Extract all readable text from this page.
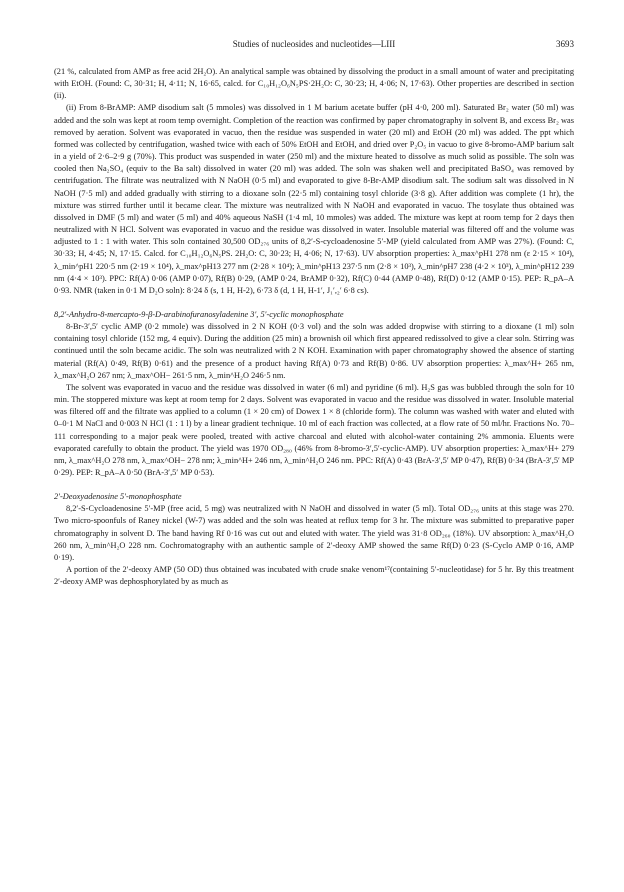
Studies of nucleosides and nucleotides—LIII	3693

(21 %, calculated from AMP as free acid 2H₂O). An analytical sample was obtained by dissolving the product in a small amount of water and precipitating with EtOH. (Found: C, 30·31; H, 4·11; N, 16·65, calcd. for C₁₀H₁₂O₆N₅PS·2H₂O: C, 30·23; H, 4·06; N, 17·63). Other properties are described in section (ii).

(ii) From 8-BrAMP: AMP disodium salt (5 mmoles) was dissolved in 1 M barium acetate buffer (pH 4·0, 200 ml). Saturated Br₂ water (50 ml) was added and the soln was kept at room temp overnight. Completion of the reaction was confirmed by paper chromatography in solvent B, and excess Br₂ was removed by aeration. Solvent was evaporated in vacuo, then the residue was suspended in water (20 ml) and EtOH (20 ml) was added. The ppt which formed was collected by centrifugation, washed twice with each of 50% EtOH and EtOH, and dried over P₂O₅ in vacuo to give 8-bromo-AMP barium salt in a yield of 2·6–2·9 g (70%). This product was suspended in water (250 ml) and the mixture heated to dissolve as much solid as possible. The soln was cooled then Na₂SO₄ (equiv to the Ba salt) dissolved in water (20 ml) was added. The soln was shaken well and precipitated BaSO₄ was removed by centrifugation. The filtrate was neutralized with N NaOH (0·5 ml) and evaporated to give 8-Br-AMP disodium salt. The sodium salt was dissolved in N NaOH (7·5 ml) and added gradually with stirring to a dioxane soln (22·5 ml) containing tosyl chloride (3·8 g). After addition was complete (1 hr), the mixture was stirred further until it became clear. The mixture was neutralized with N NaOH and evaporated in vacuo. The tosylate thus obtained was dissolved in DMF (5 ml) and water (5 ml) and 40% aqueous NaSH (1·4 ml, 10 mmoles) was added. The mixture was kept at room temp for 2 days then neutralized with N HCl. Solvent was evaporated in vacuo and the residue was dissolved in water. Insoluble material was filtered off and the volume was adjusted to 1 : 1 with water. This soln contained 30,500 OD₂₇₆ units of 8,2′-S-cycloadenosine 5′-MP (yield calculated from AMP was 27%). (Found: C, 30·33; H, 4·45; N, 17·15. Calcd. for C₁₀H₁₂O₆N₅PS. 2H₂O: C, 30·23; H, 4·06; N, 17·63). UV absorption properties: λ_max^pH1 278 nm (ε 2·15 × 10⁴), λ_min^pH1 220·5 nm (2·19 × 10⁴), λ_max^pH13 277 nm (2·28 × 10⁴); λ_min^pH13 237·5 nm (2·8 × 10³), λ_min^pH7 238 (4·2 × 10³), λ_min^pH12 239 nm (4·4 × 10³). PPC: Rf(A) 0·06 (AMP 0·07), Rf(B) 0·29, (AMP 0·24, BrAMP 0·32), Rf(C) 0·44 (AMP 0·48), Rf(D) 0·12 (AMP 0·15). PEP: R_pA–A 0·93. NMR (taken in 0·1 M D₂O soln): 8·24 δ (s, 1 H, H-2), 6·73 δ (d, 1 H, H-1′, J₁′,₂′ 6·8 cs).

8,2′-Anhydro-8-mercapto-9-β-D-arabinofuranosyladenine 3′, 5′-cyclic monophosphate

8-Br-3′,5′ cyclic AMP (0·2 mmole) was dissolved in 2 N KOH (0·3 vol) and the soln was added dropwise with stirring to a dioxane (1 ml) soln containing tosyl chloride (152 mg, 4 equiv). During the addition (25 min) a brownish oil which first appeared redissolved to give a clear soln. Stirring was continued until the soln became acidic. The soln was neutralized with 2 N KOH. Examination with paper chromatography showed the absence of starting material (Rf(A) 0·49, Rf(B) 0·61) and the presence of a product having Rf(A) 0·73 and Rf(B) 0·86. UV absorption properties: λ_max^H+ 265 nm, λ_max^H₂O 267 nm; λ_max^OH− 261·5 nm, λ_min^H₂O 246·5 nm.

The solvent was evaporated in vacuo and the residue was dissolved in water (6 ml) and pyridine (6 ml). H₂S gas was bubbled through the soln for 10 min. The stoppered mixture was kept at room temp for 2 days. Solvent was evaporated in vacuo and the residue was dissolved in water. Insoluble material was filtered off and the filtrate was applied to a column (1 × 20 cm) of Dowex 1 × 8 (chloride form). The column was washed with water and eluted with 0–0·1 M NaCl and 0·003 N HCl (1 : 1 l) by a linear gradient technique. 10 ml of each fraction was collected, at a flow rate of 50 ml/hr. Fractions No. 70–111 corresponding to a major peak were pooled, treated with active charcoal and eluted with alcohol-water containing 2% ammonia. Eluents were evaporated carefully to obtain the product. The yield was 1970 OD₂₈₀ (46% from 8-bromo-3′,5′-cyclic-AMP). UV absorption properties: λ_max^H+ 279 nm, λ_max^H₂O 278 nm, λ_max^OH− 278 nm; λ_min^H+ 246 nm, λ_min^H₂O 246 nm. PPC: Rf(A) 0·43 (BrA-3′,5′ MP 0·47), Rf(B) 0·34 (BrA-3′,5′ MP 0·29). PEP: R_pA–A 0·50 (BrA-3′,5′ MP 0·53).

2′-Deoxyadenosine 5′-monophosphate

8,2′-S-Cycloadenosine 5′-MP (free acid, 5 mg) was neutralized with N NaOH and dissolved in water (5 ml). Total OD₂₇₆ units at this stage was 270. Two micro-spoonfuls of Raney nickel (W-7) was added and the soln was heated at reflux temp for 3 hr. The mixture was submitted to preparative paper chromatography in solvent D. The band having Rf 0·16 was cut out and eluted with water. The yield was 31·8 OD₂₆₀ (18%). UV absorption: λ_max^H₂O 260 nm, λ_min^H₂O 228 nm. Cochromatography with an authentic sample of 2′-deoxy AMP showed the same Rf(D) 0·23 (S-Cyclo AMP 0·16, AMP 0·19).

A portion of the 2′-deoxy AMP (50 OD) thus obtained was incubated with crude snake venom¹⁷(containing 5′-nucleotidase) for 5 hr. By this treatment 2′-deoxy AMP was dephosphorylated by as much as
